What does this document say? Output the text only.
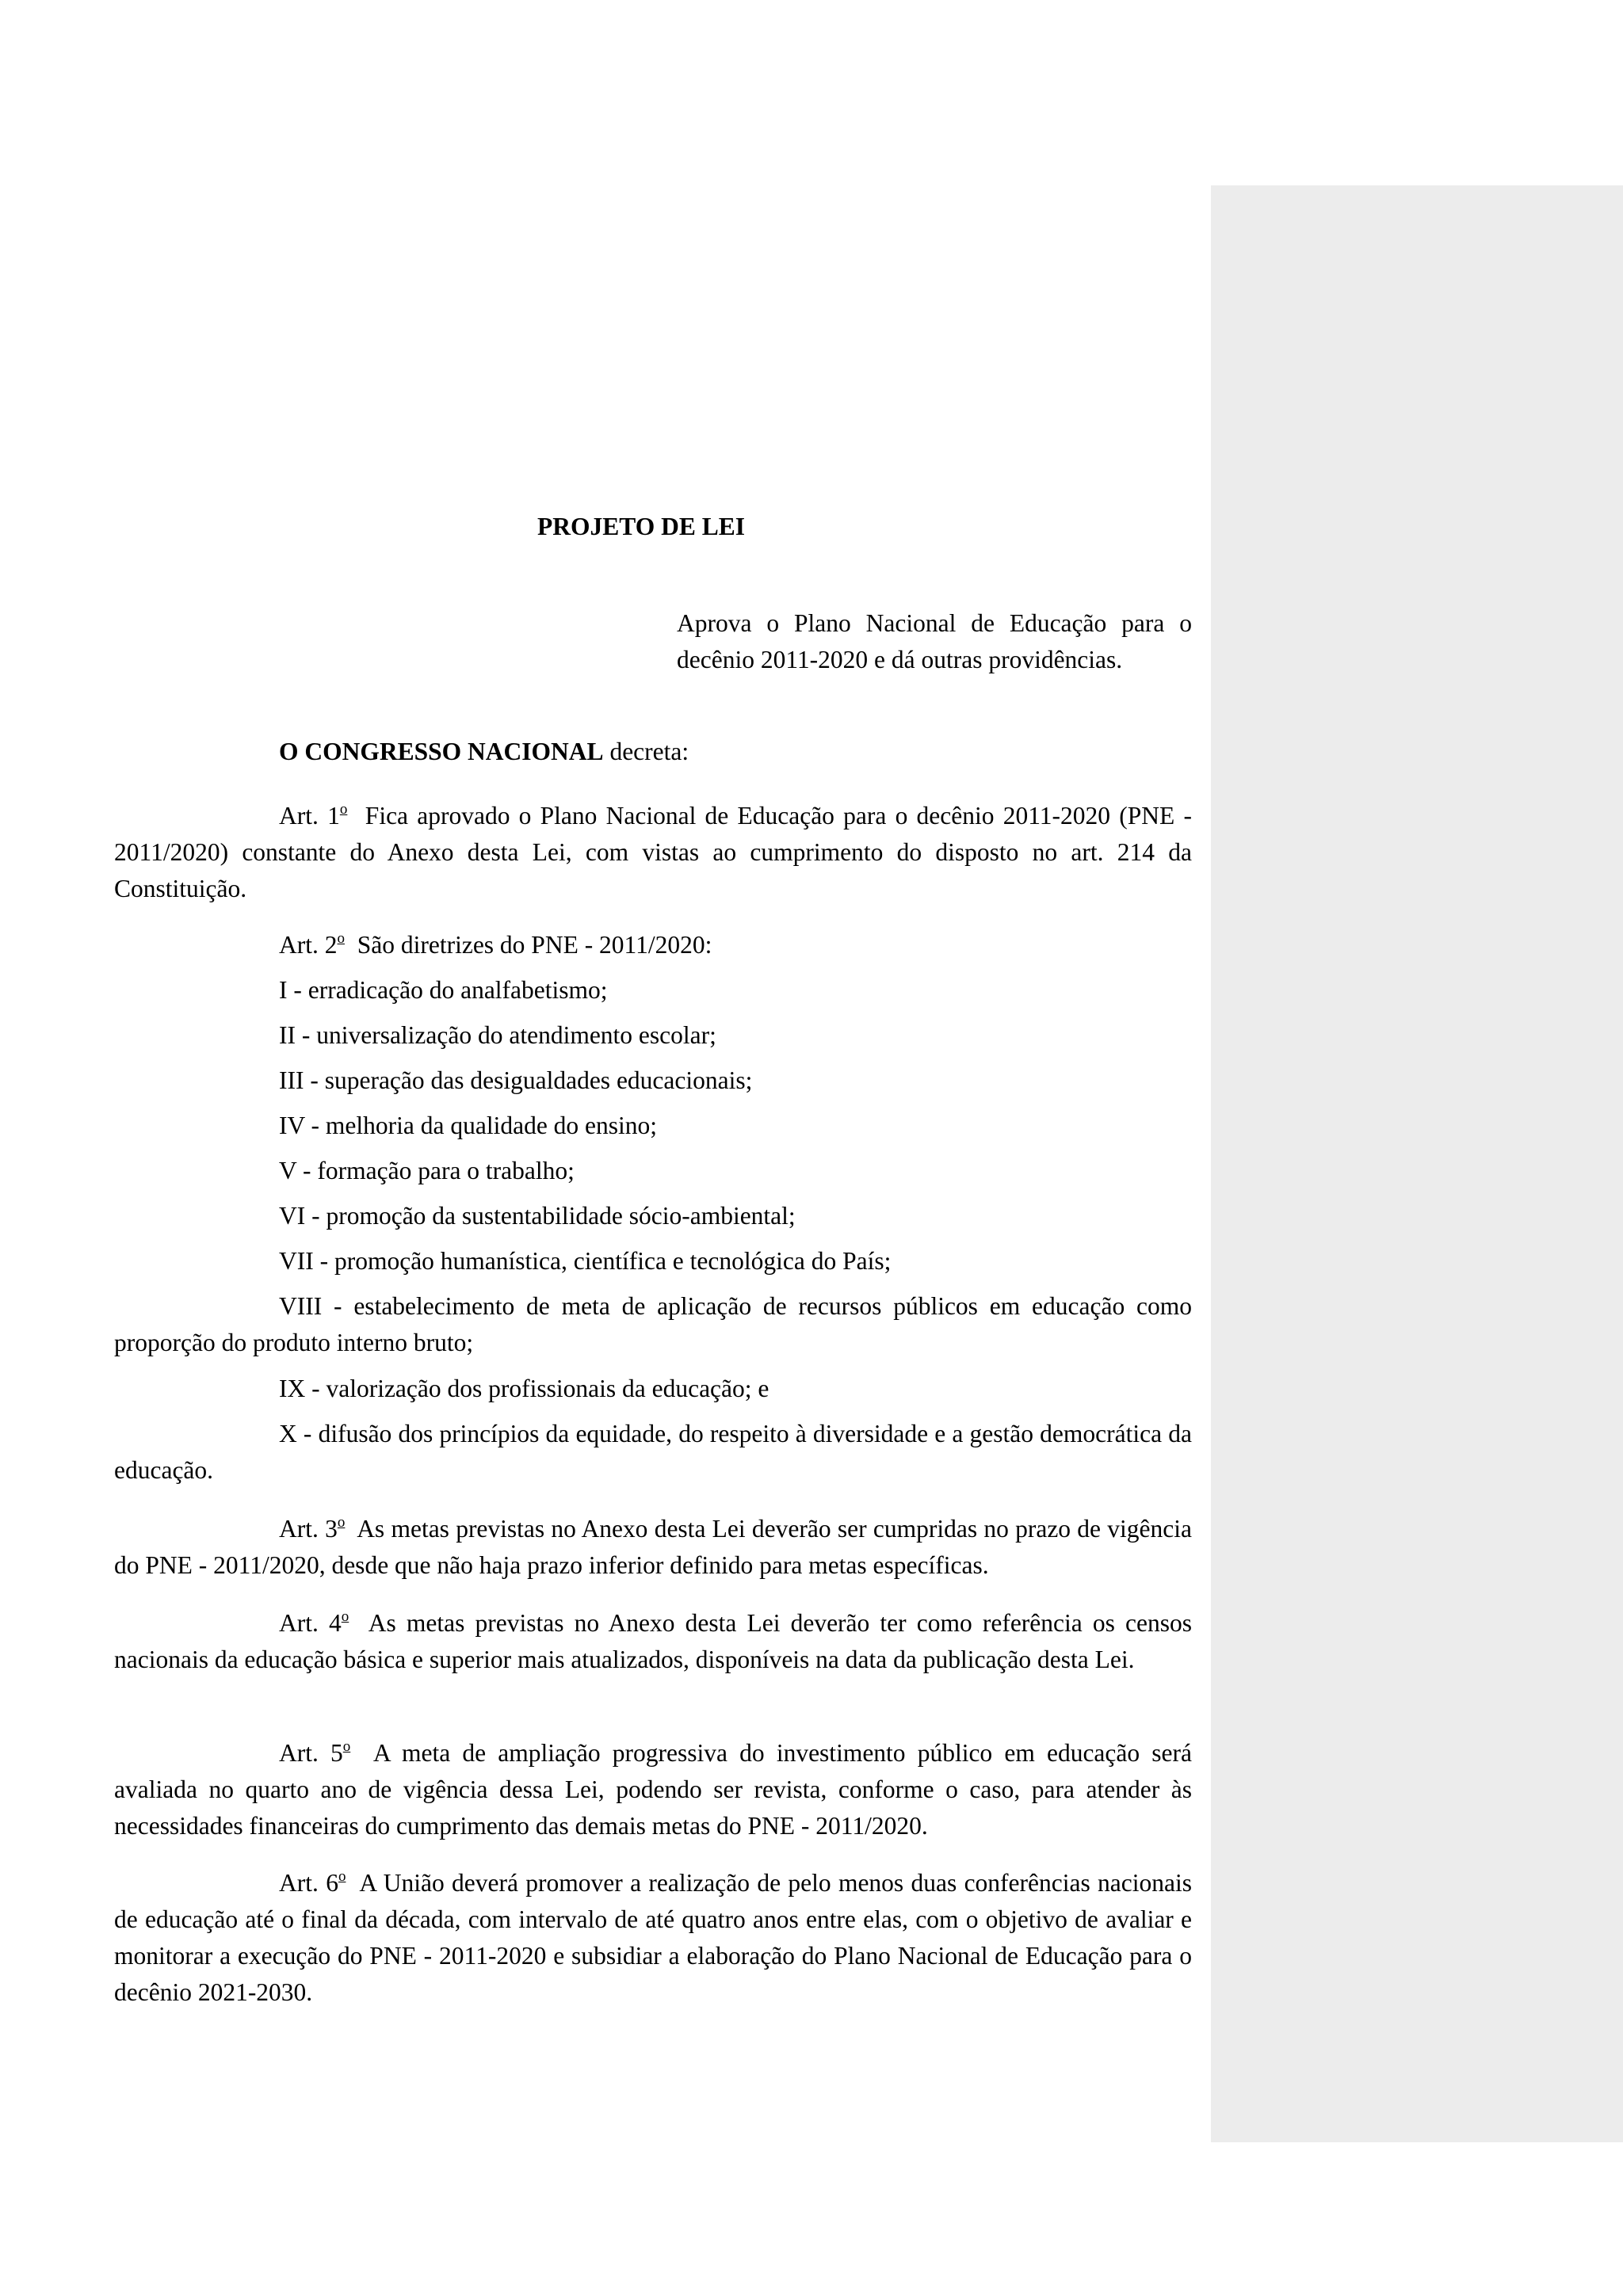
PROJETO DE LEI
Aprova o Plano Nacional de Educação para o decênio 2011-2020 e dá outras providências.
O CONGRESSO NACIONAL decreta:
Art. 1$^o$ Fica aprovado o Plano Nacional de Educação para o decênio 2011-2020 (PNE - 2011/2020) constante do Anexo desta Lei, com vistas ao cumprimento do disposto no art. 214 da Constituição.
Art. 2$^o$ São diretrizes do PNE - 2011/2020:
I - erradicação do analfabetismo;
II - universalização do atendimento escolar;
III - superação das desigualdades educacionais;
IV - melhoria da qualidade do ensino;
V - formação para o trabalho;
VI - promoção da sustentabilidade sócio-ambiental;
VII - promoção humanística, científica e tecnológica do País;
VIII - estabelecimento de meta de aplicação de recursos públicos em educação como proporção do produto interno bruto;
IX - valorização dos profissionais da educação; e
X - difusão dos princípios da equidade, do respeito à diversidade e a gestão democrática da educação.
Art. 3$^o$ As metas previstas no Anexo desta Lei deverão ser cumpridas no prazo de vigência do PNE - 2011/2020, desde que não haja prazo inferior definido para metas específicas.
Art. 4$^o$ As metas previstas no Anexo desta Lei deverão ter como referência os censos nacionais da educação básica e superior mais atualizados, disponíveis na data da publicação desta Lei.
Art. 5$^o$ A meta de ampliação progressiva do investimento público em educação será avaliada no quarto ano de vigência dessa Lei, podendo ser revista, conforme o caso, para atender às necessidades financeiras do cumprimento das demais metas do PNE - 2011/2020.
Art. 6$^o$ A União deverá promover a realização de pelo menos duas conferências nacionais de educação até o final da década, com intervalo de até quatro anos entre elas, com o objetivo de avaliar e monitorar a execução do PNE - 2011-2020 e subsidiar a elaboração do Plano Nacional de Educação para o decênio 2021-2030.
